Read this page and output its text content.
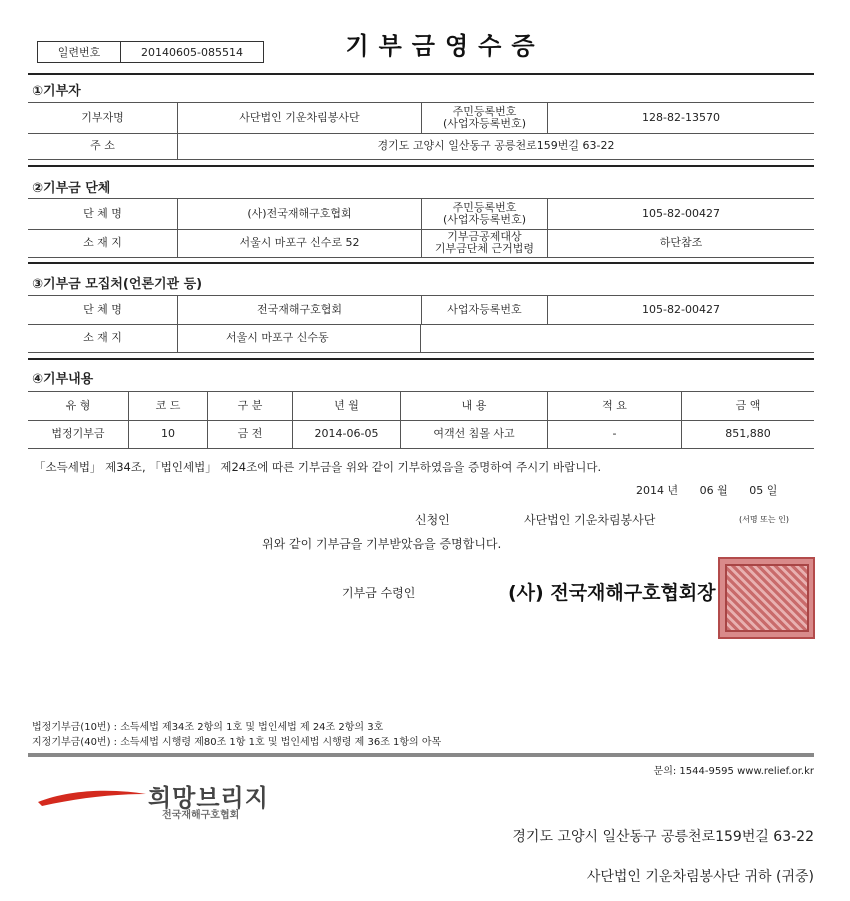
일련번호	20140605-085514	기부금영수증
①기부자
기부자명	사단법인 기운차림봉사단	주민등록번호
(사업자등록번호)	128-82-13570
주 소	경기도 고양시 일산동구 공릉천로159번길 63-22
②기부금 단체
단 체 명	(사)전국재해구호협회	주민등록번호
(사업자등록번호)	105-82-00427
소 재 지	서울시 마포구 신수로 52	기부금공제대상
기부금단체 근거법령	하단참조
③기부금 모집처(언론기관 등)
단 체 명	전국재해구호협회	사업자등록번호	105-82-00427
소 재 지	서울시 마포구 신수동
④기부내용
유 형	코 드	구 분	년 월	내 용	적 요	금 액
법정기부금	10	금 전	2014-06-05	여객선 침몰 사고	-	851,880
「소득세법」 제34조, 「법인세법」 제24조에 따른 기부금을 위와 같이 기부하였음을 증명하여 주시기 바랍니다.
2014 년 06 월 05 일
신청인	사단법인 기운차림봉사단	(서명 또는 인)
위와 같이 기부금을 기부받았음을 증명합니다.
기부금 수령인	(사) 전국재해구호협회장
법정기부금(10번) : 소득세법 제34조 2항의 1호 및 법인세법 제 24조 2항의 3호
지정기부금(40번) : 소득세법 시행령 제80조 1항 1호 및 법인세법 시행령 제 36조 1항의 아목
문의: 1544-9595 www.relief.or.kr
희망브리지
전국재해구호협회
경기도 고양시 일산동구 공릉천로159번길 63-22
사단법인 기운차림봉사단 귀하 (귀중)
